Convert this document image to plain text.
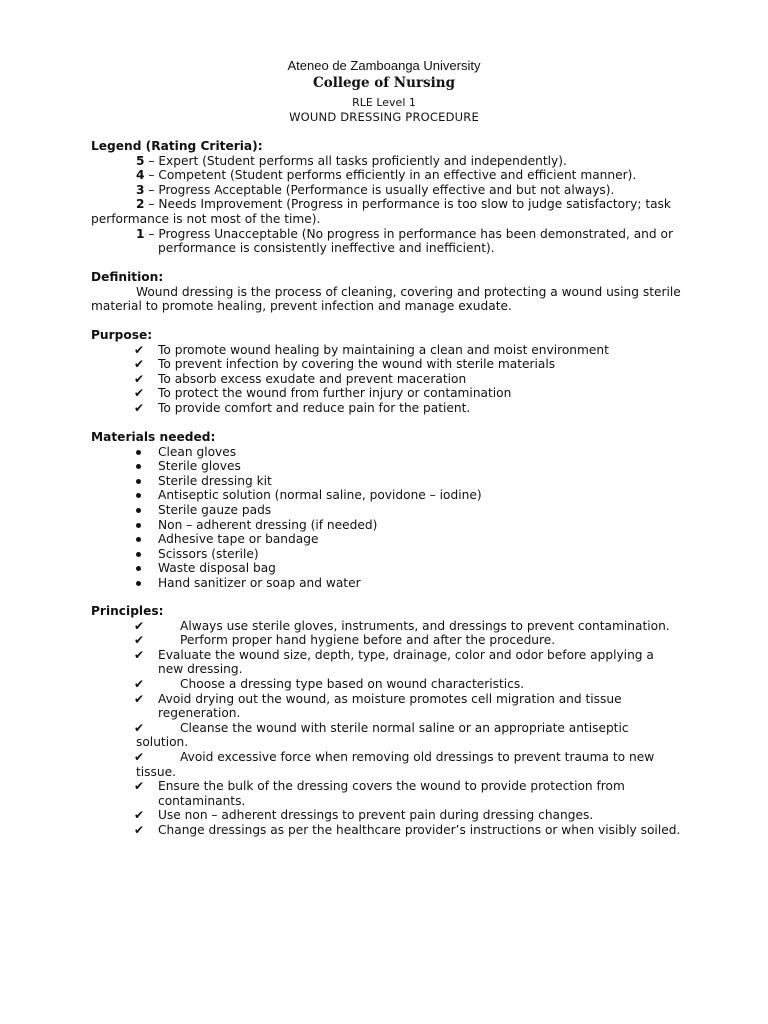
Ateneo de Zamboanga University
College of Nursing
RLE Level 1
WOUND DRESSING PROCEDURE
Legend (Rating Criteria):
5 – Expert (Student performs all tasks proficiently and independently).
4 – Competent (Student performs efficiently in an effective and efficient manner).
3 – Progress Acceptable (Performance is usually effective and but not always).
2 – Needs Improvement (Progress in performance is too slow to judge satisfactory; task
performance is not most of the time).
1 – Progress Unacceptable (No progress in performance has been demonstrated, and or
performance is consistently ineffective and inefficient).
Definition:
Wound dressing is the process of cleaning, covering and protecting a wound using sterile material to promote healing, prevent infection and manage exudate.
Purpose:
✔ To promote wound healing by maintaining a clean and moist environment
✔ To prevent infection by covering the wound with sterile materials
✔ To absorb excess exudate and prevent maceration
✔ To protect the wound from further injury or contamination
✔ To provide comfort and reduce pain for the patient.
Materials needed:
Clean gloves
Sterile gloves
Sterile dressing kit
Antiseptic solution (normal saline, povidone – iodine)
Sterile gauze pads
Non – adherent dressing (if needed)
Adhesive tape or bandage
Scissors (sterile)
Waste disposal bag
Hand sanitizer or soap and water
Principles:
✔	Always use sterile gloves, instruments, and dressings to prevent contamination.
✔	Perform proper hand hygiene before and after the procedure.
✔ Evaluate the wound size, depth, type, drainage, color and odor before applying a
new dressing.
✔	Choose a dressing type based on wound characteristics.
✔ Avoid drying out the wound, as moisture promotes cell migration and tissue
regeneration.
✔	Cleanse the wound with sterile normal saline or an appropriate antiseptic
solution.
✔	Avoid excessive force when removing old dressings to prevent trauma to new
tissue.
✔ Ensure the bulk of the dressing covers the wound to provide protection from
contaminants.
✔ Use non – adherent dressings to prevent pain during dressing changes.
✔ Change dressings as per the healthcare provider’s instructions or when visibly soiled.
